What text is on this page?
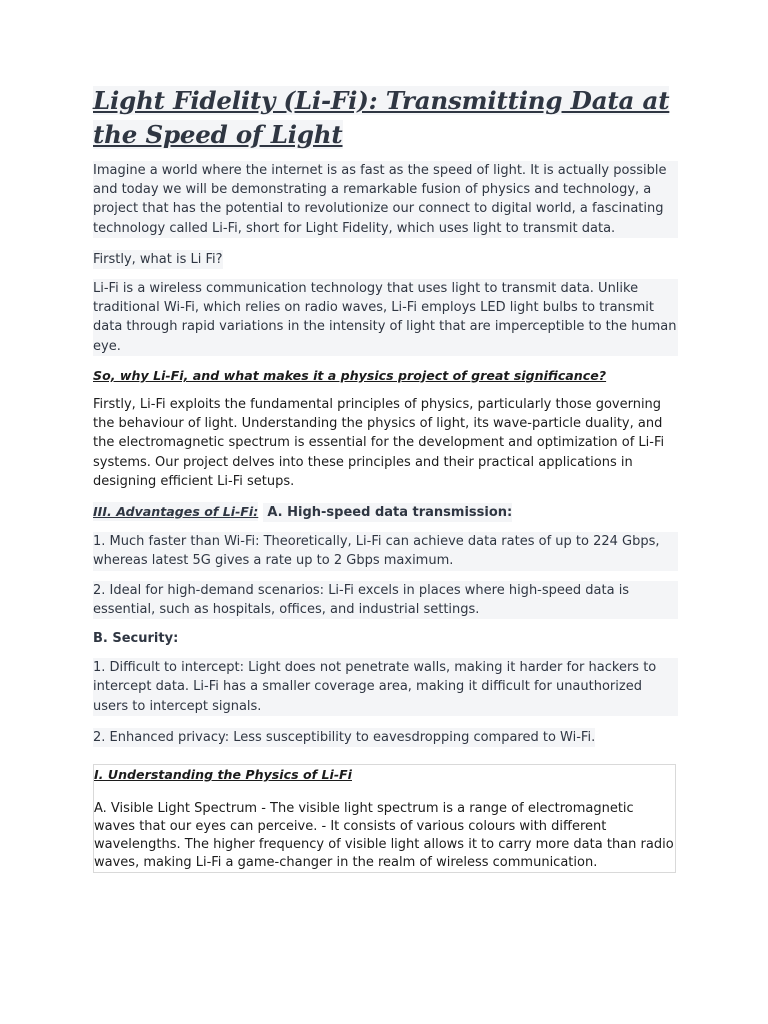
Light Fidelity (Li-Fi): Transmitting Data at the Speed of Light

Imagine a world where the internet is as fast as the speed of light. It is actually possible and today we will be demonstrating a remarkable fusion of physics and technology, a project that has the potential to revolutionize our connect to digital world, a fascinating technology called Li-Fi, short for Light Fidelity, which uses light to transmit data.

Firstly, what is Li Fi?

Li-Fi is a wireless communication technology that uses light to transmit data. Unlike traditional Wi-Fi, which relies on radio waves, Li-Fi employs LED light bulbs to transmit data through rapid variations in the intensity of light that are imperceptible to the human eye.

So, why Li-Fi, and what makes it a physics project of great significance?

Firstly, Li-Fi exploits the fundamental principles of physics, particularly those governing the behaviour of light. Understanding the physics of light, its wave-particle duality, and the electromagnetic spectrum is essential for the development and optimization of Li-Fi systems. Our project delves into these principles and their practical applications in designing efficient Li-Fi setups.

III. Advantages of Li-Fi:

A. High-speed data transmission:

1. Much faster than Wi-Fi: Theoretically, Li-Fi can achieve data rates of up to 224 Gbps, whereas latest 5G gives a rate up to 2 Gbps maximum.

2. Ideal for high-demand scenarios: Li-Fi excels in places where high-speed data is essential, such as hospitals, offices, and industrial settings.

B. Security:

1. Difficult to intercept: Light does not penetrate walls, making it harder for hackers to intercept data. Li-Fi has a smaller coverage area, making it difficult for unauthorized users to intercept signals.

2. Enhanced privacy: Less susceptibility to eavesdropping compared to Wi-Fi.

I. Understanding the Physics of Li-Fi

A. Visible Light Spectrum - The visible light spectrum is a range of electromagnetic waves that our eyes can perceive. - It consists of various colours with different wavelengths. The higher frequency of visible light allows it to carry more data than radio waves, making Li-Fi a game-changer in the realm of wireless communication.
